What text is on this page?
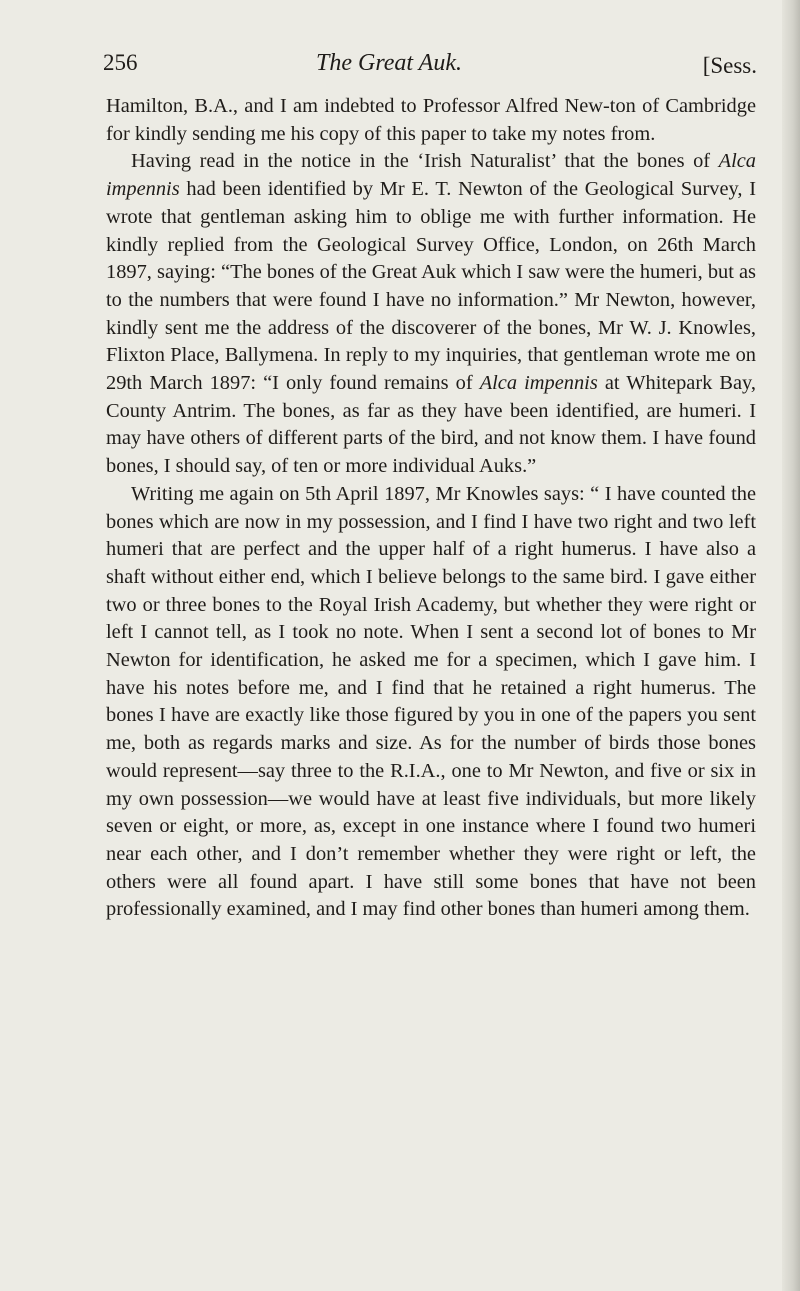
256	The Great Auk.	[Sess.

Hamilton, B.A., and I am indebted to Professor Alfred New-ton of Cambridge for kindly sending me his copy of this paper to take my notes from.

Having read in the notice in the ‘Irish Naturalist’ that the bones of Alca impennis had been identified by Mr E. T. Newton of the Geological Survey, I wrote that gentleman asking him to oblige me with further information. He kindly replied from the Geological Survey Office, London, on 26th March 1897, saying: “The bones of the Great Auk which I saw were the humeri, but as to the numbers that were found I have no information.” Mr Newton, however, kindly sent me the address of the discoverer of the bones, Mr W. J. Knowles, Flixton Place, Ballymena. In reply to my inquiries, that gentleman wrote me on 29th March 1897: “I only found remains of Alca impennis at Whitepark Bay, County Antrim. The bones, as far as they have been identified, are humeri. I may have others of different parts of the bird, and not know them. I have found bones, I should say, of ten or more individual Auks.”

Writing me again on 5th April 1897, Mr Knowles says: “ I have counted the bones which are now in my possession, and I find I have two right and two left humeri that are perfect and the upper half of a right humerus. I have also a shaft without either end, which I believe belongs to the same bird. I gave either two or three bones to the Royal Irish Academy, but whether they were right or left I cannot tell, as I took no note. When I sent a second lot of bones to Mr Newton for identification, he asked me for a specimen, which I gave him. I have his notes before me, and I find that he retained a right humerus. The bones I have are exactly like those figured by you in one of the papers you sent me, both as regards marks and size. As for the number of birds those bones would represent—say three to the R.I.A., one to Mr Newton, and five or six in my own possession—we would have at least five individuals, but more likely seven or eight, or more, as, except in one instance where I found two humeri near each other, and I don’t remember whether they were right or left, the others were all found apart. I have still some bones that have not been professionally examined, and I may find other bones than humeri among them.
